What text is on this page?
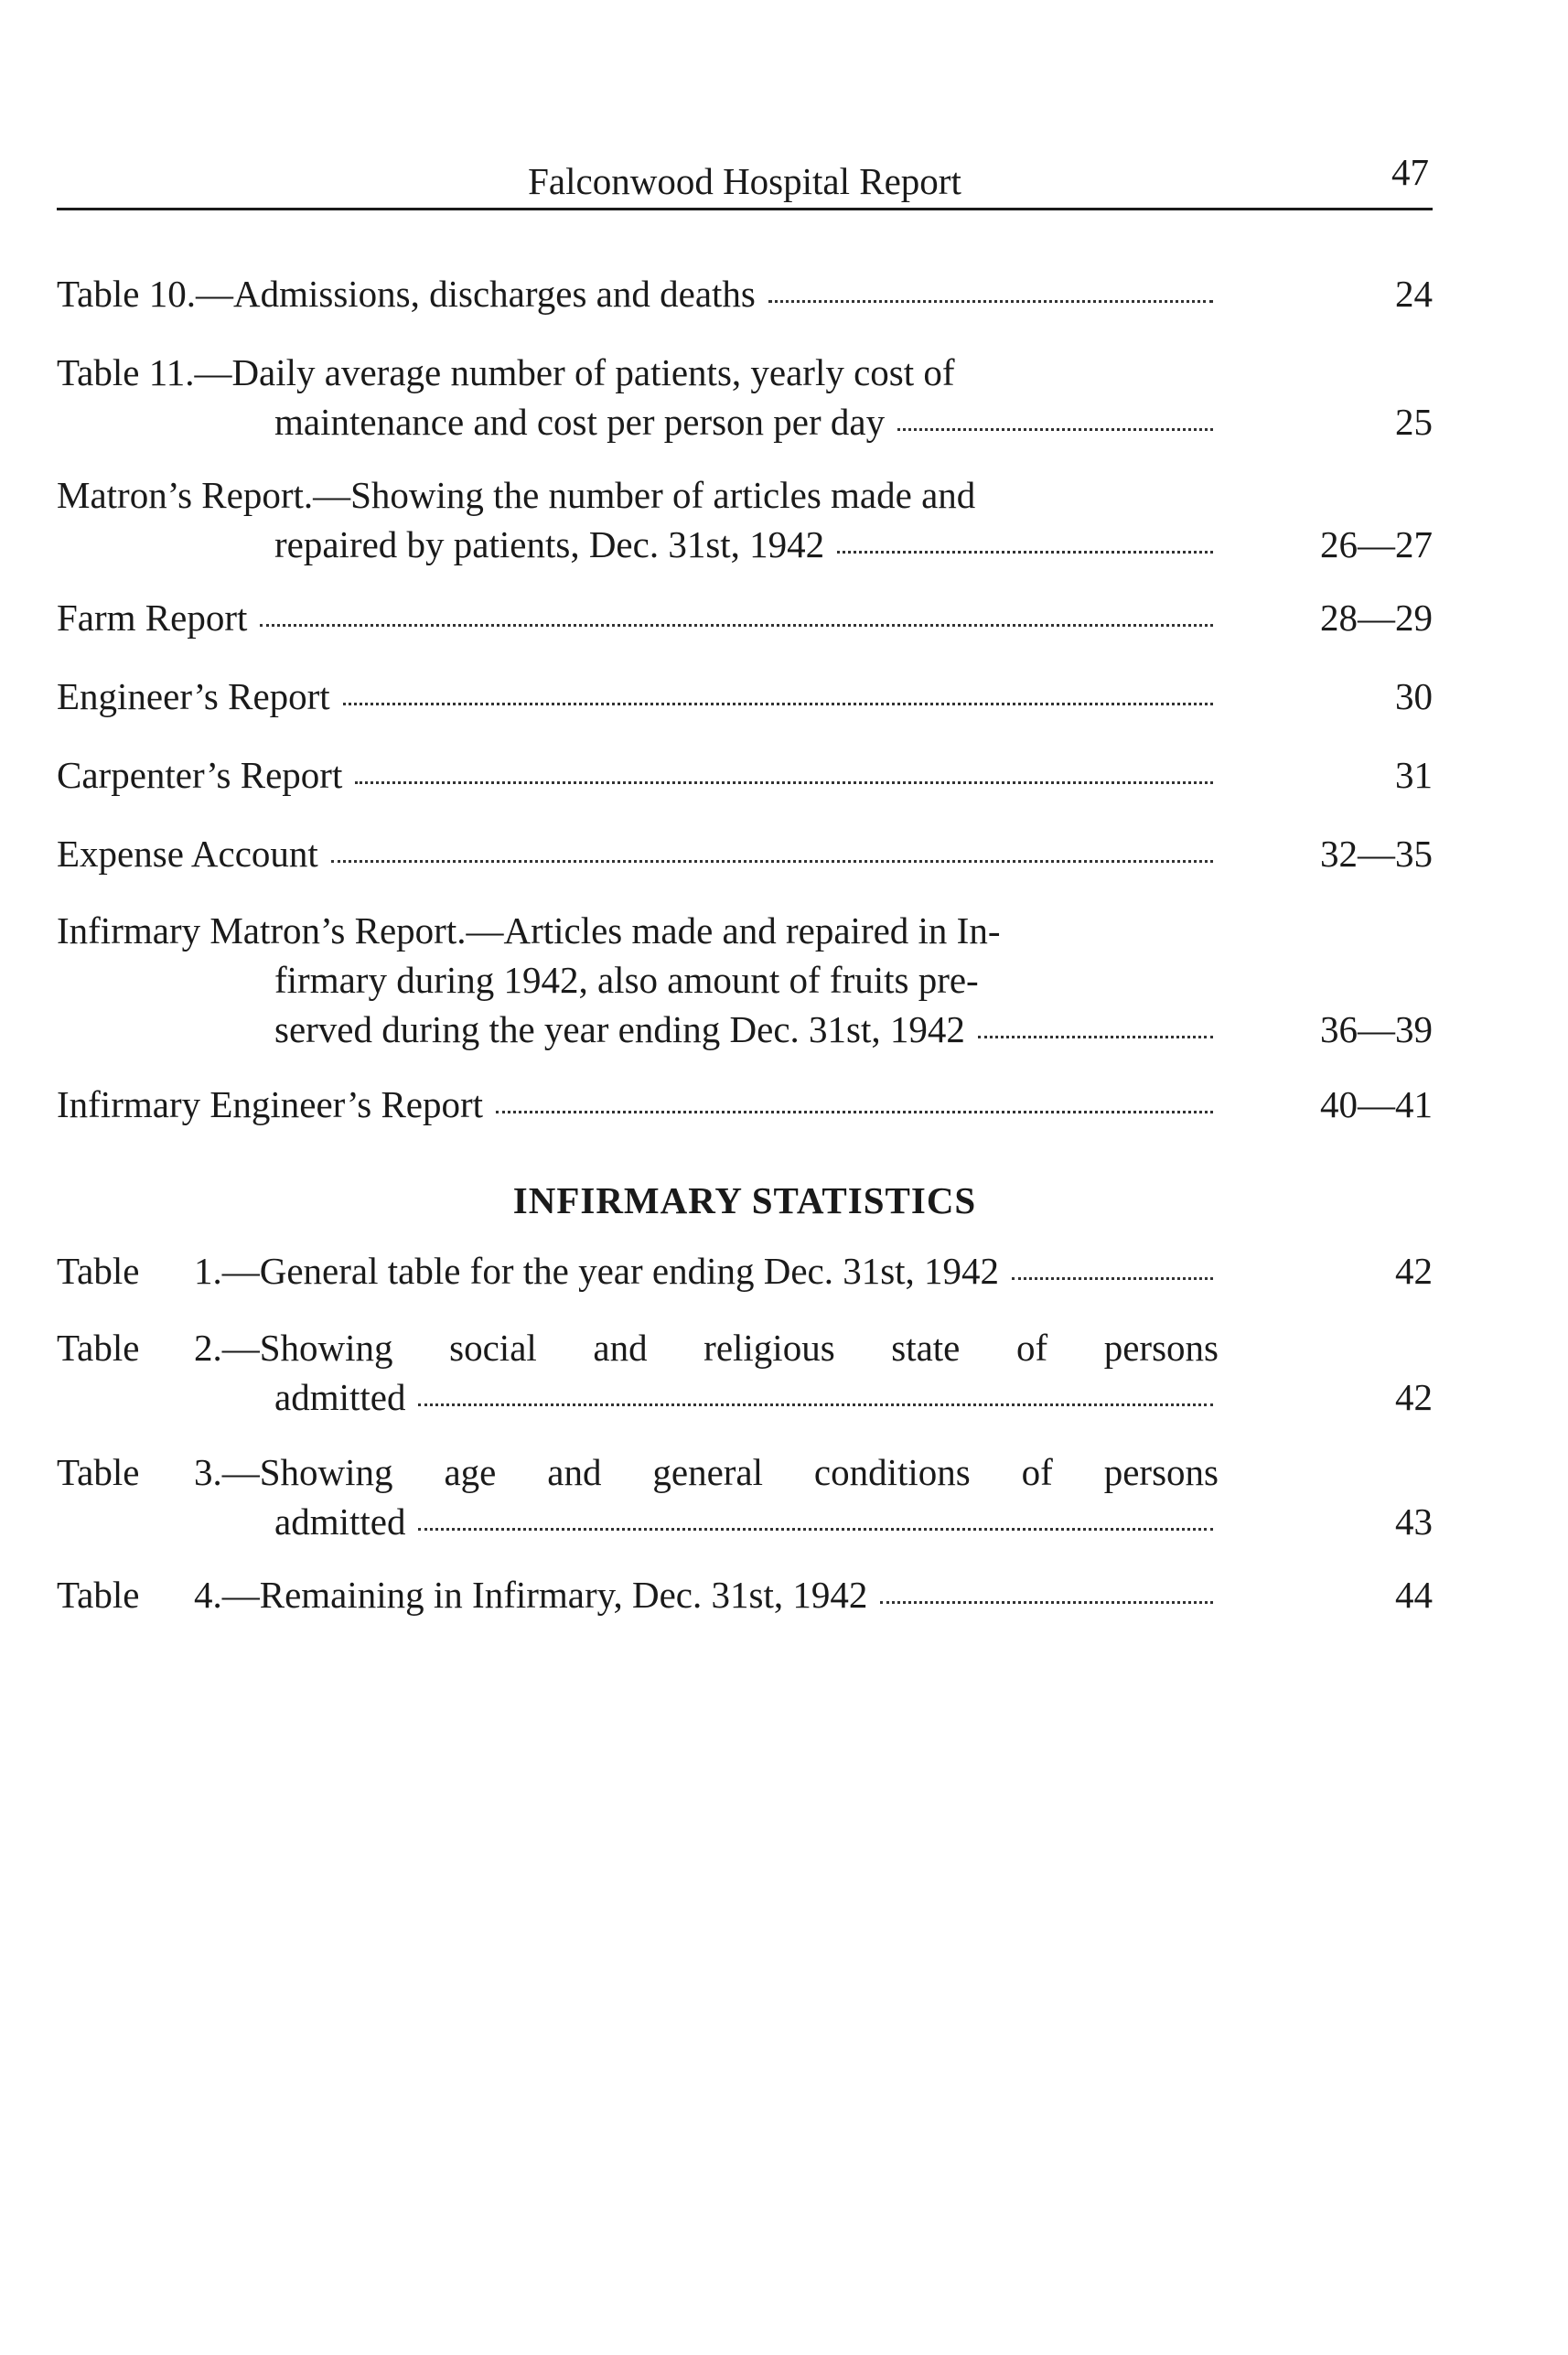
Falconwood Hospital Report	47
Table 10.—Admissions, discharges and deaths	24
Table 11.—Daily average number of patients, yearly cost of
maintenance and cost per person per day	25
Matron’s Report.—Showing the number of articles made and
repaired by patients, Dec. 31st, 1942	26—27
Farm Report	28—29
Engineer’s Report	30
Carpenter’s Report	31
Expense Account	32—35
Infirmary Matron’s Report.—Articles made and repaired in In-
firmary during 1942, also amount of fruits pre-
served during the year ending Dec. 31st, 1942	36—39
Infirmary Engineer’s Report	40—41
INFIRMARY STATISTICS
Table	1.—General table for the year ending Dec. 31st, 1942	42
Table	2.—Showing social and religious state of persons
admitted	42
Table	3.—Showing age and general conditions of persons
admitted	43
Table	4.—Remaining in Infirmary, Dec. 31st, 1942	44
